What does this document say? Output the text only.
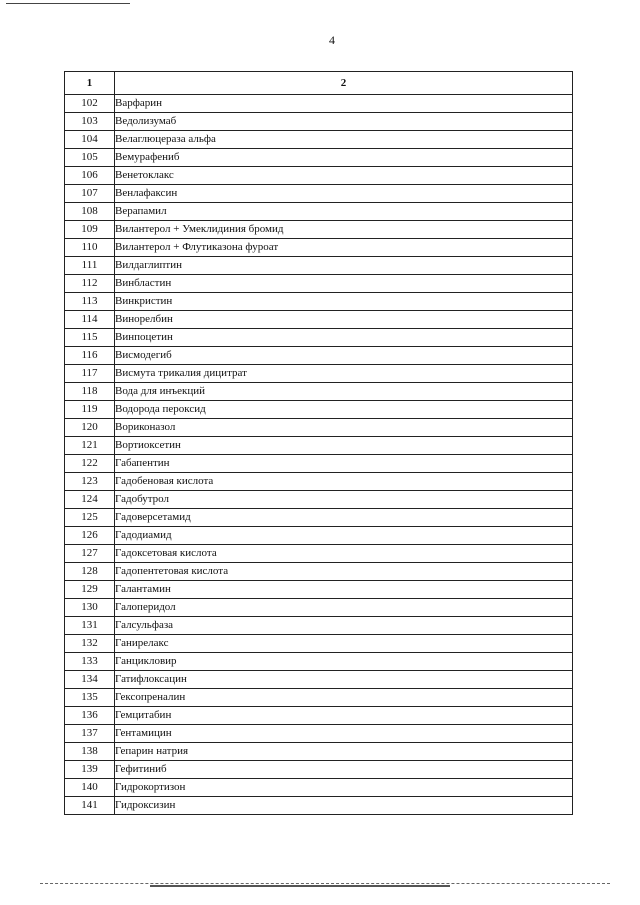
4
1	2
102	Варфарин
103	Ведолизумаб
104	Велаглюцераза альфа
105	Вемурафениб
106	Венетоклакс
107	Венлафаксин
108	Верапамил
109	Вилантерол + Умеклидиния бромид
110	Вилантерол + Флутиказона фуроат
111	Вилдаглиптин
112	Винбластин
113	Винкристин
114	Винорелбин
115	Винпоцетин
116	Висмодегиб
117	Висмута трикалия дицитрат
118	Вода для инъекций
119	Водорода пероксид
120	Вориконазол
121	Вортиоксетин
122	Габапентин
123	Гадобеновая кислота
124	Гадобутрол
125	Гадоверсетамид
126	Гадодиамид
127	Гадоксетовая кислота
128	Гадопентетовая кислота
129	Галантамин
130	Галоперидол
131	Галсульфаза
132	Ганирелакс
133	Ганцикловир
134	Гатифлоксацин
135	Гексопреналин
136	Гемцитабин
137	Гентамицин
138	Гепарин натрия
139	Гефитиниб
140	Гидрокортизон
141	Гидроксизин
